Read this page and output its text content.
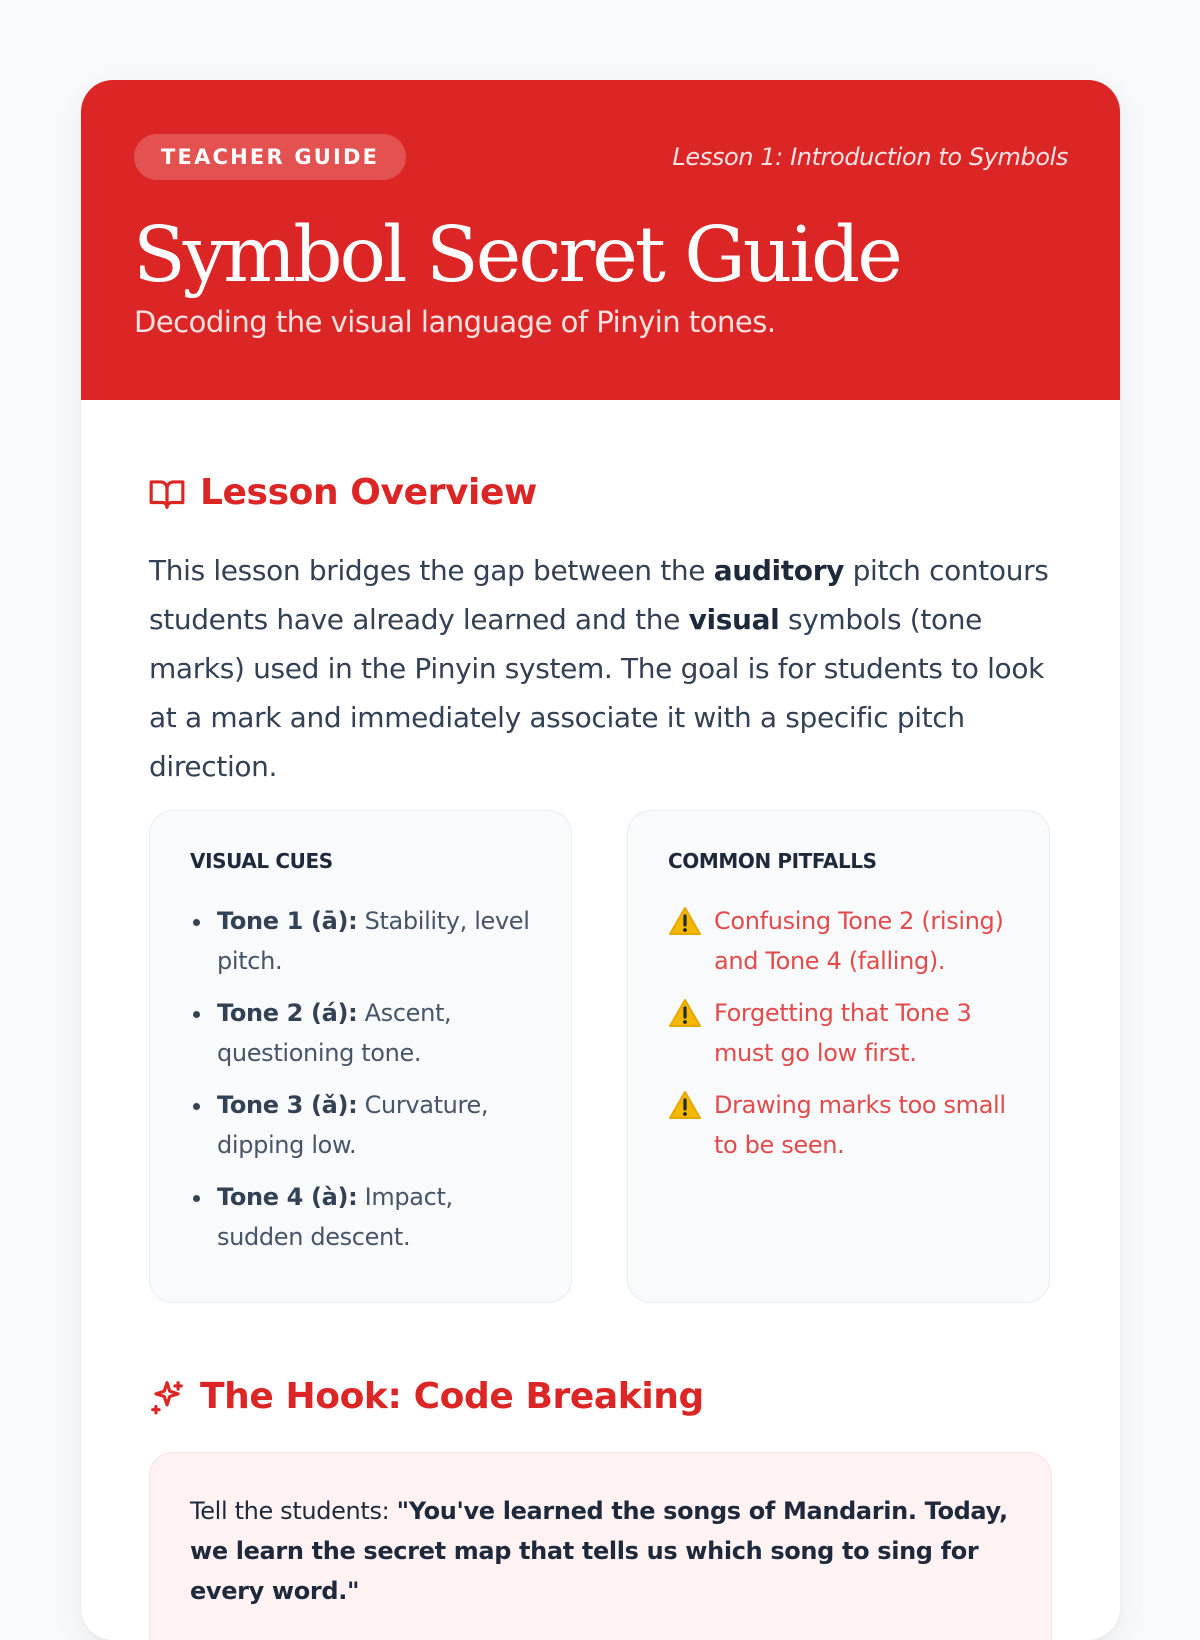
TEACHER GUIDE	Lesson 1: Introduction to Symbols
Symbol Secret Guide
Decoding the visual language of Pinyin tones.
Lesson Overview

This lesson bridges the gap between the auditory pitch contours students have already learned and the visual symbols (tone marks) used in the Pinyin system. The goal is for students to look at a mark and immediately associate it with a specific pitch direction.

VISUAL CUES
Tone 1 (ā): Stability, level pitch.
Tone 2 (á): Ascent, questioning tone.
Tone 3 (ǎ): Curvature, dipping low.
Tone 4 (à): Impact, sudden descent.
COMMON PITFALLS
Confusing Tone 2 (rising) and Tone 4 (falling).
Forgetting that Tone 3 must go low first.
Drawing marks too small to be seen.
The Hook: Code Breaking

Tell the students: "You've learned the songs of Mandarin. Today, we learn the secret map that tells us which song to sing for every word."
